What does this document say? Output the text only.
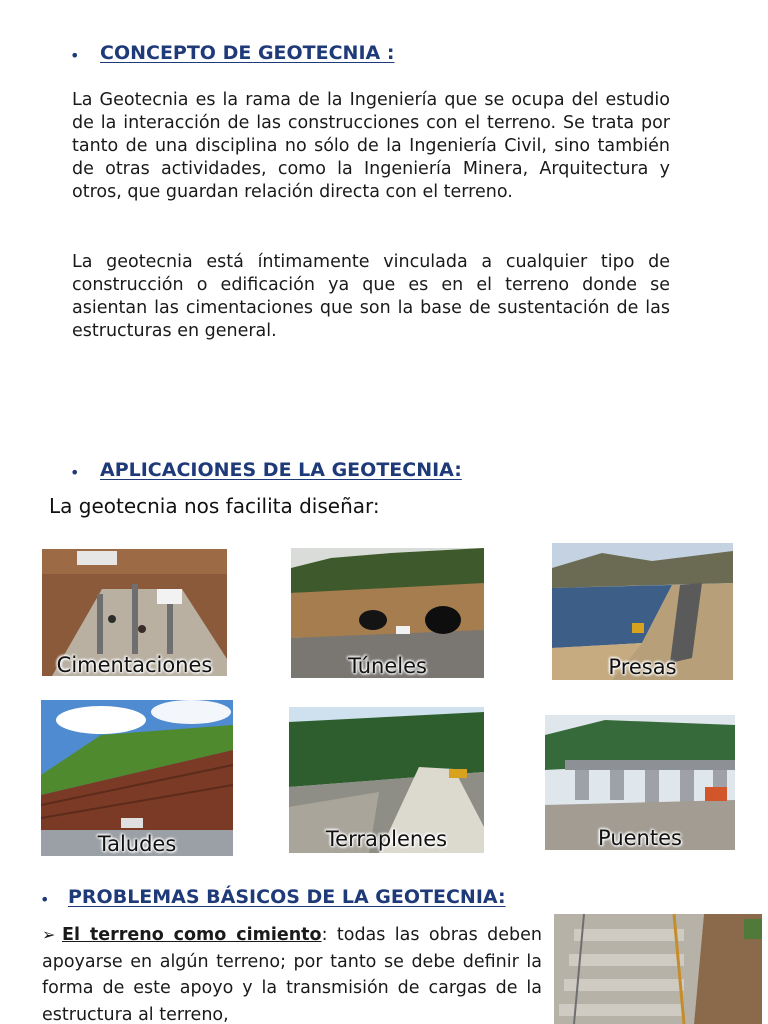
• CONCEPTO DE GEOTECNIA :

La Geotecnia es la rama de la Ingeniería que se ocupa del estudio de la interacción de las construcciones con el terreno. Se trata por tanto de una disciplina no sólo de la Ingeniería Civil, sino también de otras actividades, como la Ingeniería Minera, Arquitectura y otros, que guardan relación directa con el terreno.

La geotecnia está íntimamente vinculada a cualquier tipo de construcción o edificación ya que es en el terreno donde se asientan las cimentaciones que son la base de sustentación de las estructuras en general.

• APLICACIONES DE LA GEOTECNIA:
La geotecnia nos facilita diseñar:
Cimentaciones	Túneles	Presas
Taludes	Terraplenes	Puentes
• PROBLEMAS BÁSICOS DE LA GEOTECNIA:
➢ El terreno como cimiento: todas las obras deben apoyarse en algún terreno; por tanto se debe definir la forma de este apoyo y la transmisión de cargas de la estructura al terreno,
